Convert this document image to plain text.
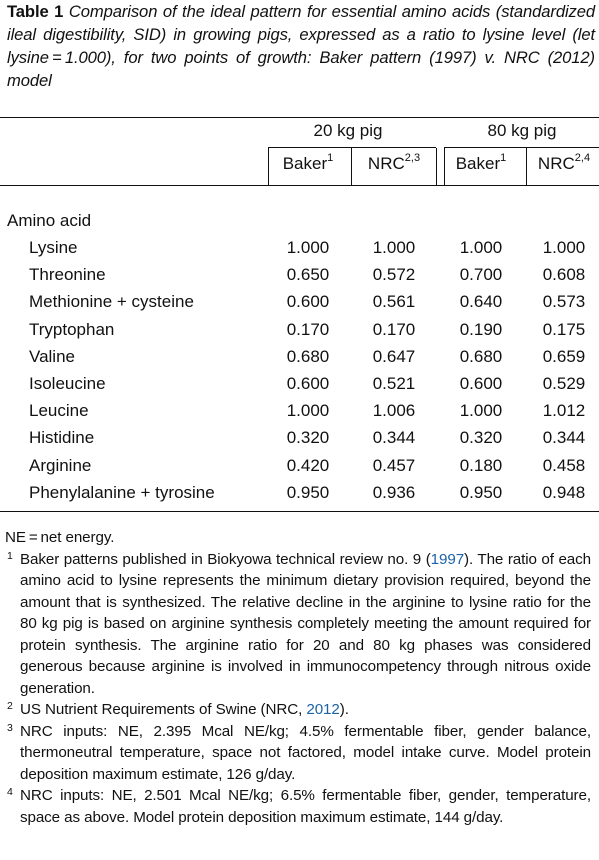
Table 1 Comparison of the ideal pattern for essential amino acids (standardized ileal digestibility, SID) in growing pigs, expressed as a ratio to lysine level (let lysine = 1.000), for two points of growth: Baker pattern (1997) v. NRC (2012) model
20 kg pig	80 kg pig
Baker$^1$	NRC$^{2,3}$	Baker$^1$	NRC$^{2,4}$
Amino acid
Lysine	1.000	1.000	1.000	1.000
Threonine	0.650	0.572	0.700	0.608
Methionine + cysteine	0.600	0.561	0.640	0.573
Tryptophan	0.170	0.170	0.190	0.175
Valine	0.680	0.647	0.680	0.659
Isoleucine	0.600	0.521	0.600	0.529
Leucine	1.000	1.006	1.000	1.012
Histidine	0.320	0.344	0.320	0.344
Arginine	0.420	0.457	0.180	0.458
Phenylalanine + tyrosine	0.950	0.936	0.950	0.948
NE = net energy.
1 Baker patterns published in Biokyowa technical review no. 9 (1997). The ratio of each amino acid to lysine represents the minimum dietary provision required, beyond the amount that is synthesized. The relative decline in the arginine to lysine ratio for the 80 kg pig is based on arginine synthesis completely meeting the amount required for protein synthesis. The arginine ratio for 20 and 80 kg phases was considered generous because arginine is involved in immunocompetency through nitrous oxide generation.
2 US Nutrient Requirements of Swine (NRC, 2012).
3 NRC inputs: NE, 2.395 Mcal NE/kg; 4.5% fermentable fiber, gender balance, thermoneutral temperature, space not factored, model intake curve. Model protein deposition maximum estimate, 126 g/day.
4 NRC inputs: NE, 2.501 Mcal NE/kg; 6.5% fermentable fiber, gender, temperature, space as above. Model protein deposition maximum estimate, 144 g/day.
